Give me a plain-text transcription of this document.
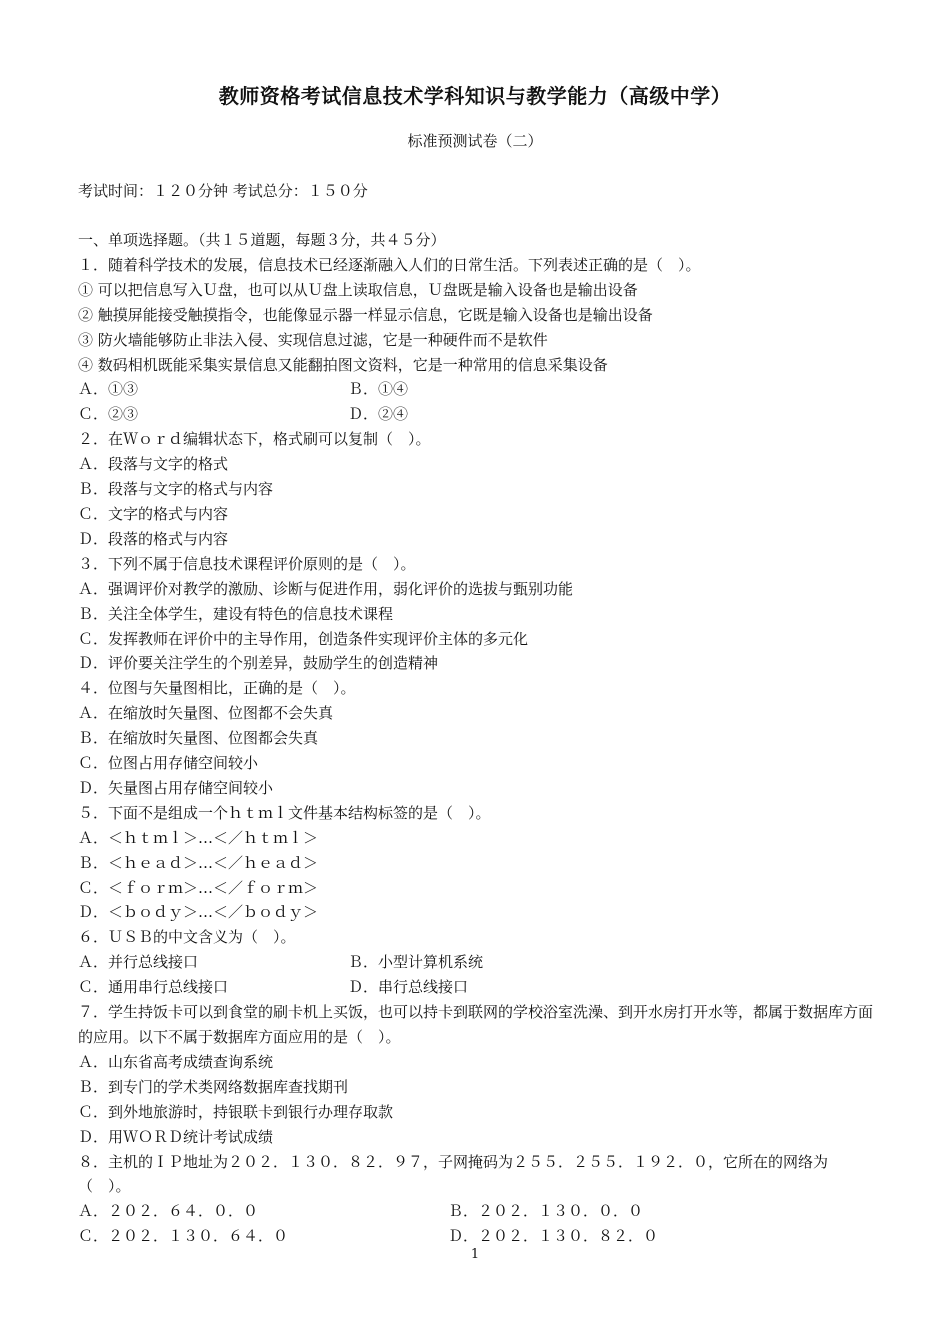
教师资格考试信息技术学科知识与教学能力（高级中学）
标准预测试卷（二）
考试时间：１２０分钟 考试总分：１５０分
一、单项选择题。（共１５道题，每题３分，共４５分）
１．随着科学技术的发展，信息技术已经逐渐融入人们的日常生活。下列表述正确的是（　）。
① 可以把信息写入Ｕ盘，也可以从Ｕ盘上读取信息，Ｕ盘既是输入设备也是输出设备
② 触摸屏能接受触摸指令，也能像显示器一样显示信息，它既是输入设备也是输出设备
③ 防火墙能够防止非法入侵、实现信息过滤，它是一种硬件而不是软件
④ 数码相机既能采集实景信息又能翻拍图文资料，它是一种常用的信息采集设备
Ａ．①③	Ｂ．①④
Ｃ．②③	Ｄ．②④
２．在Ｗｏｒｄ编辑状态下，格式刷可以复制（　）。
Ａ．段落与文字的格式
Ｂ．段落与文字的格式与内容
Ｃ．文字的格式与内容
Ｄ．段落的格式与内容
３．下列不属于信息技术课程评价原则的是（　）。
Ａ．强调评价对教学的激励、诊断与促进作用，弱化评价的选拔与甄别功能
Ｂ．关注全体学生，建设有特色的信息技术课程
Ｃ．发挥教师在评价中的主导作用，创造条件实现评价主体的多元化
Ｄ．评价要关注学生的个别差异，鼓励学生的创造精神
４．位图与矢量图相比，正确的是（　）。
Ａ．在缩放时矢量图、位图都不会失真
Ｂ．在缩放时矢量图、位图都会失真
Ｃ．位图占用存储空间较小
Ｄ．矢量图占用存储空间较小
５．下面不是组成一个ｈｔｍｌ文件基本结构标签的是（　）。
Ａ．＜ｈｔｍｌ＞…＜／ｈｔｍｌ＞
Ｂ．＜ｈｅａｄ＞…＜／ｈｅａｄ＞
Ｃ．＜ｆｏｒｍ＞…＜／ｆｏｒｍ＞
Ｄ．＜ｂｏｄｙ＞…＜／ｂｏｄｙ＞
６．ＵＳＢ的中文含义为（　）。
Ａ．并行总线接口	Ｂ．小型计算机系统
Ｃ．通用串行总线接口	Ｄ．串行总线接口
７．学生持饭卡可以到食堂的刷卡机上买饭，也可以持卡到联网的学校浴室洗澡、到开水房打开水等，都属于数据库方面的应用。以下不属于数据库方面应用的是（　）。
Ａ．山东省高考成绩查询系统
Ｂ．到专门的学术类网络数据库查找期刊
Ｃ．到外地旅游时，持银联卡到银行办理存取款
Ｄ．用ＷＯＲＤ统计考试成绩
８．主机的ＩＰ地址为２０２．１３０．８２．９７，子网掩码为２５５．２５５．１９２．０，它所在的网络为（　）。
Ａ．２０２．６４．０．０	Ｂ．２０２．１３０．０．０
Ｃ．２０２．１３０．６４．０	Ｄ．２０２．１３０．８２．０
1
